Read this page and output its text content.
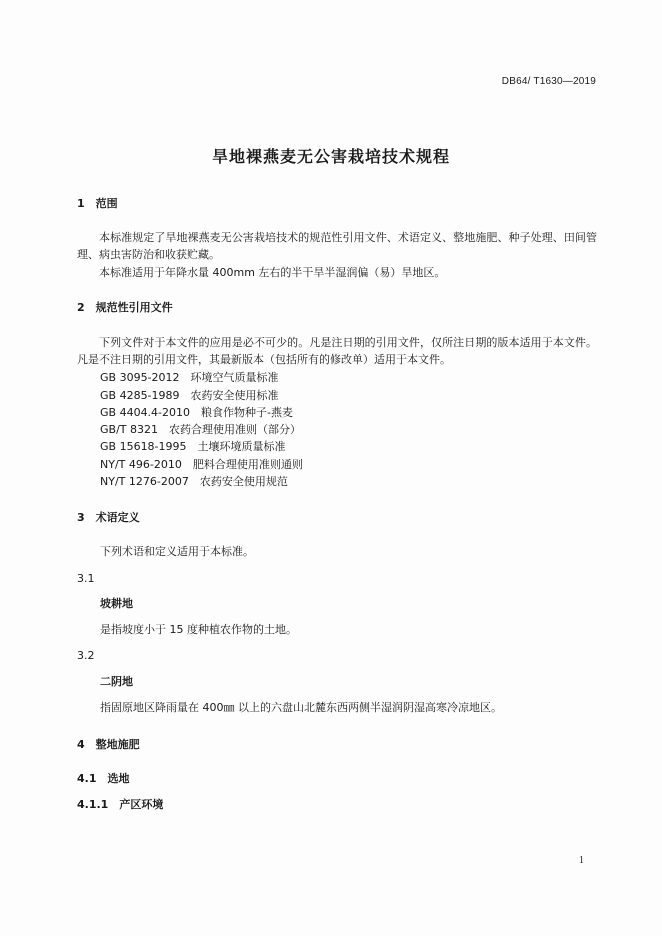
DB64/ T1630—2019
旱地裸燕麦无公害栽培技术规程
1　范围
本标准规定了旱地裸燕麦无公害栽培技术的规范性引用文件、术语定义、整地施肥、种子处理、田间管理、病虫害防治和收获贮藏。
本标准适用于年降水量 400mm 左右的半干旱半湿润偏（易）旱地区。
2　规范性引用文件
下列文件对于本文件的应用是必不可少的。凡是注日期的引用文件，仅所注日期的版本适用于本文件。凡是不注日期的引用文件，其最新版本（包括所有的修改单）适用于本文件。
GB 3095-2012　环境空气质量标准
GB 4285-1989　农药安全使用标准
GB 4404.4-2010　粮食作物种子-燕麦
GB/T 8321　农药合理使用准则（部分）
GB 15618-1995　土壤环境质量标准
NY/T 496-2010　肥料合理使用准则通则
NY/T 1276-2007　农药安全使用规范
3　术语定义
下列术语和定义适用于本标准。
3.1
坡耕地
是指坡度小于 15 度种植农作物的土地。
3.2
二阴地
指固原地区降雨量在 400㎜ 以上的六盘山北麓东西两侧半湿润阴湿高寒冷凉地区。
4　整地施肥
4.1　选地
4.1.1　产区环境
1
